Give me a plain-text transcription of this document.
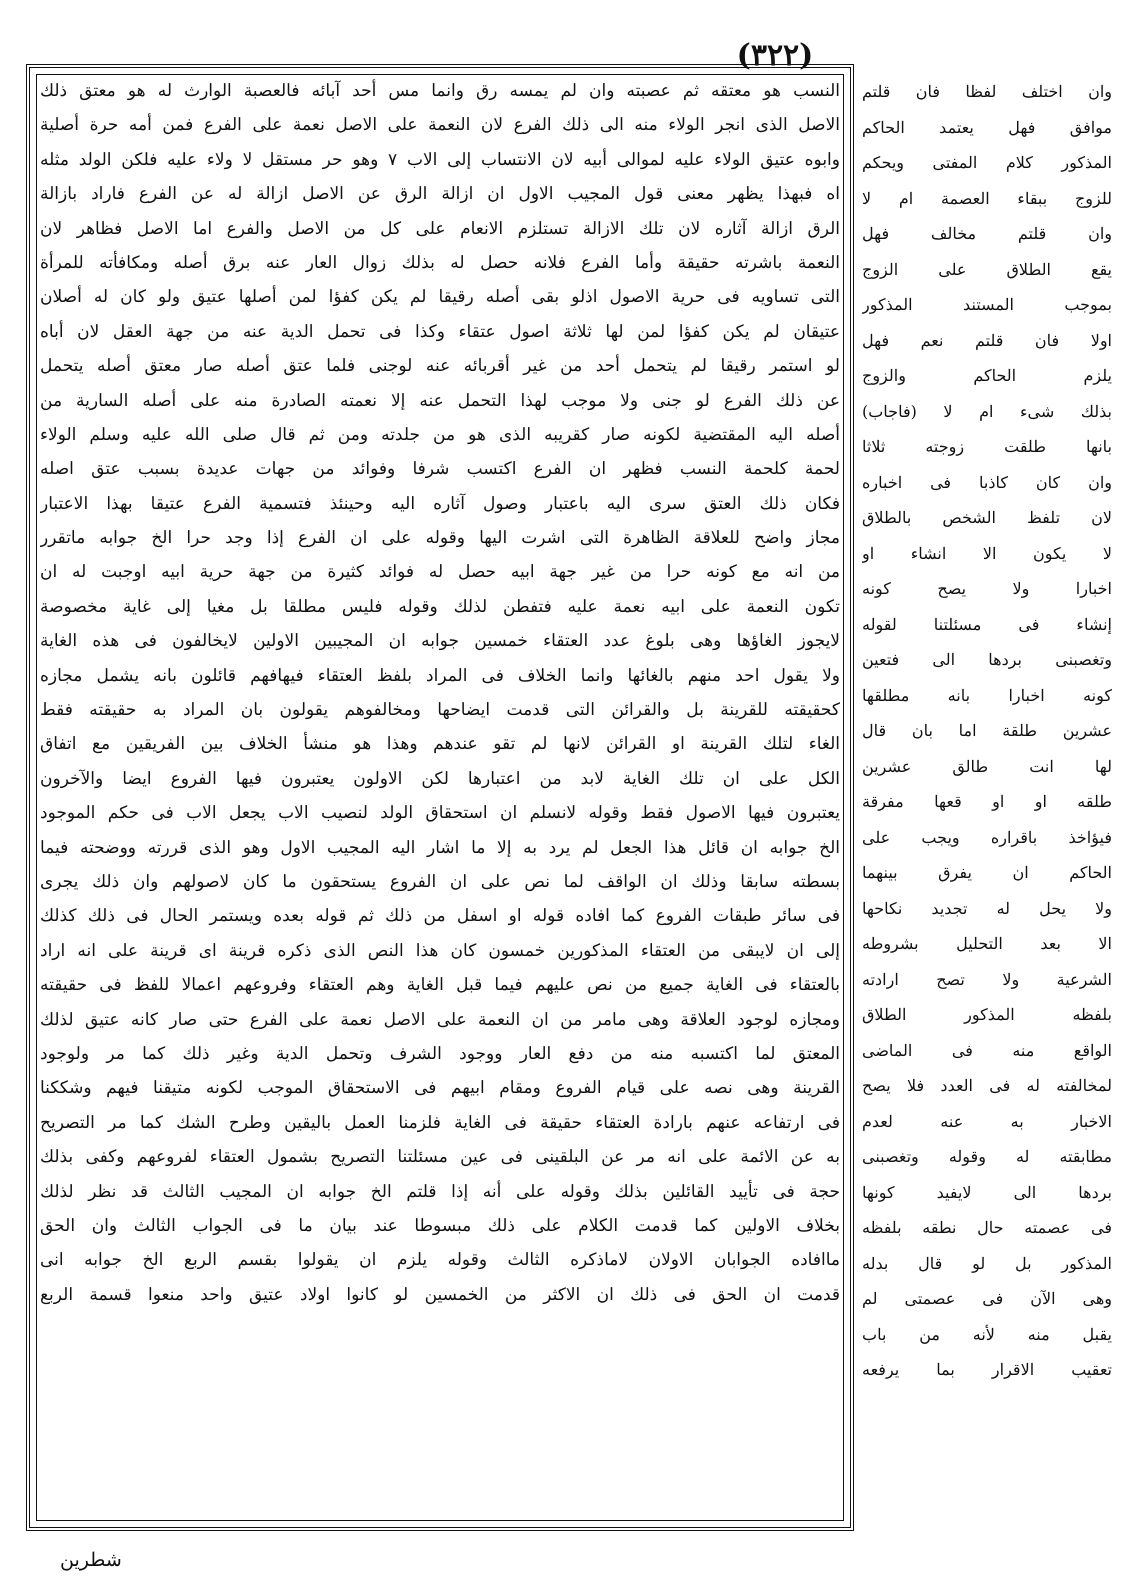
(٣٢٢)
النسب هو معتقه ثم عصبته وان لم يمسه رق وانما مس أحد آبائه فالعصبة الوارث له هو معتق ذلك
الاصل الذى انجر الولاء منه الى ذلك الفرع لان النعمة على الاصل نعمة على الفرع فمن أمه حرة أصلية
وابوه عتيق الولاء عليه لموالى أبيه لان الانتساب إلى الاب ٧ وهو حر مستقل لا ولاء عليه فلكن الولد مثله
اه فبهذا يظهر معنى قول المجيب الاول ان ازالة الرق عن الاصل ازالة له عن الفرع فاراد بازالة
الرق ازالة آثاره لان تلك الازالة تستلزم الانعام على كل من الاصل والفرع اما الاصل فظاهر لان
النعمة باشرته حقيقة وأما الفرع فلانه حصل له بذلك زوال العار عنه برق أصله ومكافأته للمرأة
التى تساويه فى حرية الاصول اذلو بقى أصله رقيقا لم يكن كفؤا لمن أصلها عتيق ولو كان له أصلان
عتيقان لم يكن كفؤا لمن لها ثلاثة اصول عتقاء وكذا فى تحمل الدية عنه من جهة العقل لان أباه
لو استمر رقيقا لم يتحمل أحد من غير أقربائه عنه لوجنى فلما عتق أصله صار معتق أصله يتحمل
عن ذلك الفرع لو جنى ولا موجب لهذا التحمل عنه إلا نعمته الصادرة منه على أصله السارية من
أصله اليه المقتضية لكونه صار كقريبه الذى هو من جلدته ومن ثم قال صلى الله عليه وسلم الولاء
لحمة كلحمة النسب فظهر ان الفرع اكتسب شرفا وفوائد من جهات عديدة بسبب عتق اصله
فكان ذلك العتق سرى اليه باعتبار وصول آثاره اليه وحينئذ فتسمية الفرع عتيقا بهذا الاعتبار
مجاز واضح للعلاقة الظاهرة التى اشرت اليها وقوله على ان الفرع إذا وجد حرا الخ جوابه ماتقرر
من انه مع كونه حرا من غير جهة ابيه حصل له فوائد كثيرة من جهة حرية ابيه اوجبت له ان
تكون النعمة على ابيه نعمة عليه فتفطن لذلك وقوله فليس مطلقا بل مغيا إلى غاية مخصوصة
لايجوز الغاؤها وهى بلوغ عدد العتقاء خمسين جوابه ان المجيبين الاولين لايخالفون فى هذه الغاية
ولا يقول احد منهم بالغائها وانما الخلاف فى المراد بلفظ العتقاء فيهافهم قائلون بانه يشمل مجازه
كحقيقته للقرينة بل والقرائن التى قدمت ايضاحها ومخالفوهم يقولون بان المراد به حقيقته فقط
الغاء لتلك القرينة او القرائن لانها لم تقو عندهم وهذا هو منشأ الخلاف بين الفريقين مع اتفاق
الكل على ان تلك الغاية لابد من اعتبارها لكن الاولون يعتبرون فيها الفروع ايضا والآخرون
يعتبرون فيها الاصول فقط وقوله لانسلم ان استحقاق الولد لنصيب الاب يجعل الاب فى حكم الموجود
الخ جوابه ان قائل هذا الجعل لم يرد به إلا ما اشار اليه المجيب الاول وهو الذى قررته ووضحته فيما
بسطته سابقا وذلك ان الواقف لما نص على ان الفروع يستحقون ما كان لاصولهم وان ذلك يجرى
فى سائر طبقات الفروع كما افاده قوله او اسفل من ذلك ثم قوله بعده ويستمر الحال فى ذلك كذلك
إلى ان لايبقى من العتقاء المذكورين خمسون كان هذا النص الذى ذكره قرينة اى قرينة على انه اراد
بالعتقاء فى الغاية جميع من نص عليهم فيما قبل الغاية وهم العتقاء وفروعهم اعمالا للفظ فى حقيقته
ومجازه لوجود العلاقة وهى مامر من ان النعمة على الاصل نعمة على الفرع حتى صار كانه عتيق لذلك
المعتق لما اكتسبه منه من دفع العار ووجود الشرف وتحمل الدية وغير ذلك كما مر ولوجود
القرينة وهى نصه على قيام الفروع ومقام ابيهم فى الاستحقاق الموجب لكونه متيقنا فيهم وشككنا
فى ارتفاعه عنهم بارادة العتقاء حقيقة فى الغاية فلزمنا العمل باليقين وطرح الشك كما مر التصريح
به عن الائمة على انه مر عن البلقينى فى عين مسئلتنا التصريح بشمول العتقاء لفروعهم وكفى بذلك
حجة فى تأييد القائلين بذلك وقوله على أنه إذا قلتم الخ جوابه ان المجيب الثالث قد نظر لذلك
بخلاف الاولين كما قدمت الكلام على ذلك مبسوطا عند بيان ما فى الجواب الثالث وان الحق
ماافاده الجوابان الاولان لاماذكره الثالث وقوله يلزم ان يقولوا بقسم الربع الخ جوابه انى
قدمت ان الحق فى ذلك ان الاكثر من الخمسين لو كانوا اولاد عتيق واحد منعوا قسمة الربع
وان اختلف لفظا فان قلتم
موافق فهل يعتمد الحاكم
المذكور كلام المفتى ويحكم
للزوج ببقاء العصمة ام لا
وان قلتم مخالف فهل
يقع الطلاق على الزوج
بموجب المستند المذكور
اولا فان قلتم نعم فهل
يلزم الحاكم والزوج
بذلك شىء ام لا (فاجاب)
بانها طلقت زوجته ثلاثا
وان كان كاذبا فى اخباره
لان تلفظ الشخص بالطلاق
لا يكون الا انشاء او
اخبارا ولا يصح كونه
إنشاء فى مسئلتنا لقوله
وتغصبنى بردها الى فتعين
كونه اخبارا بانه مطلقها
عشرين طلقة اما بان قال
لها انت طالق عشرين
طلقه او او قعها مفرقة
فيؤاخذ باقراره ويجب على
الحاكم ان يفرق بينهما
ولا يحل له تجديد نكاحها
الا بعد التحليل بشروطه
الشرعية ولا تصح ارادته
بلفظه المذكور الطلاق
الواقع منه فى الماضى
لمخالفته له فى العدد فلا يصح
الاخبار به عنه لعدم
مطابقته له وقوله وتغصبنى
بردها الى لايفيد كونها
فى عصمته حال نطقه بلفظه
المذكور بل لو قال بدله
وهى الآن فى عصمتى لم
يقبل منه لأنه من باب
تعقيب الاقرار بما يرفعه
شطرين
